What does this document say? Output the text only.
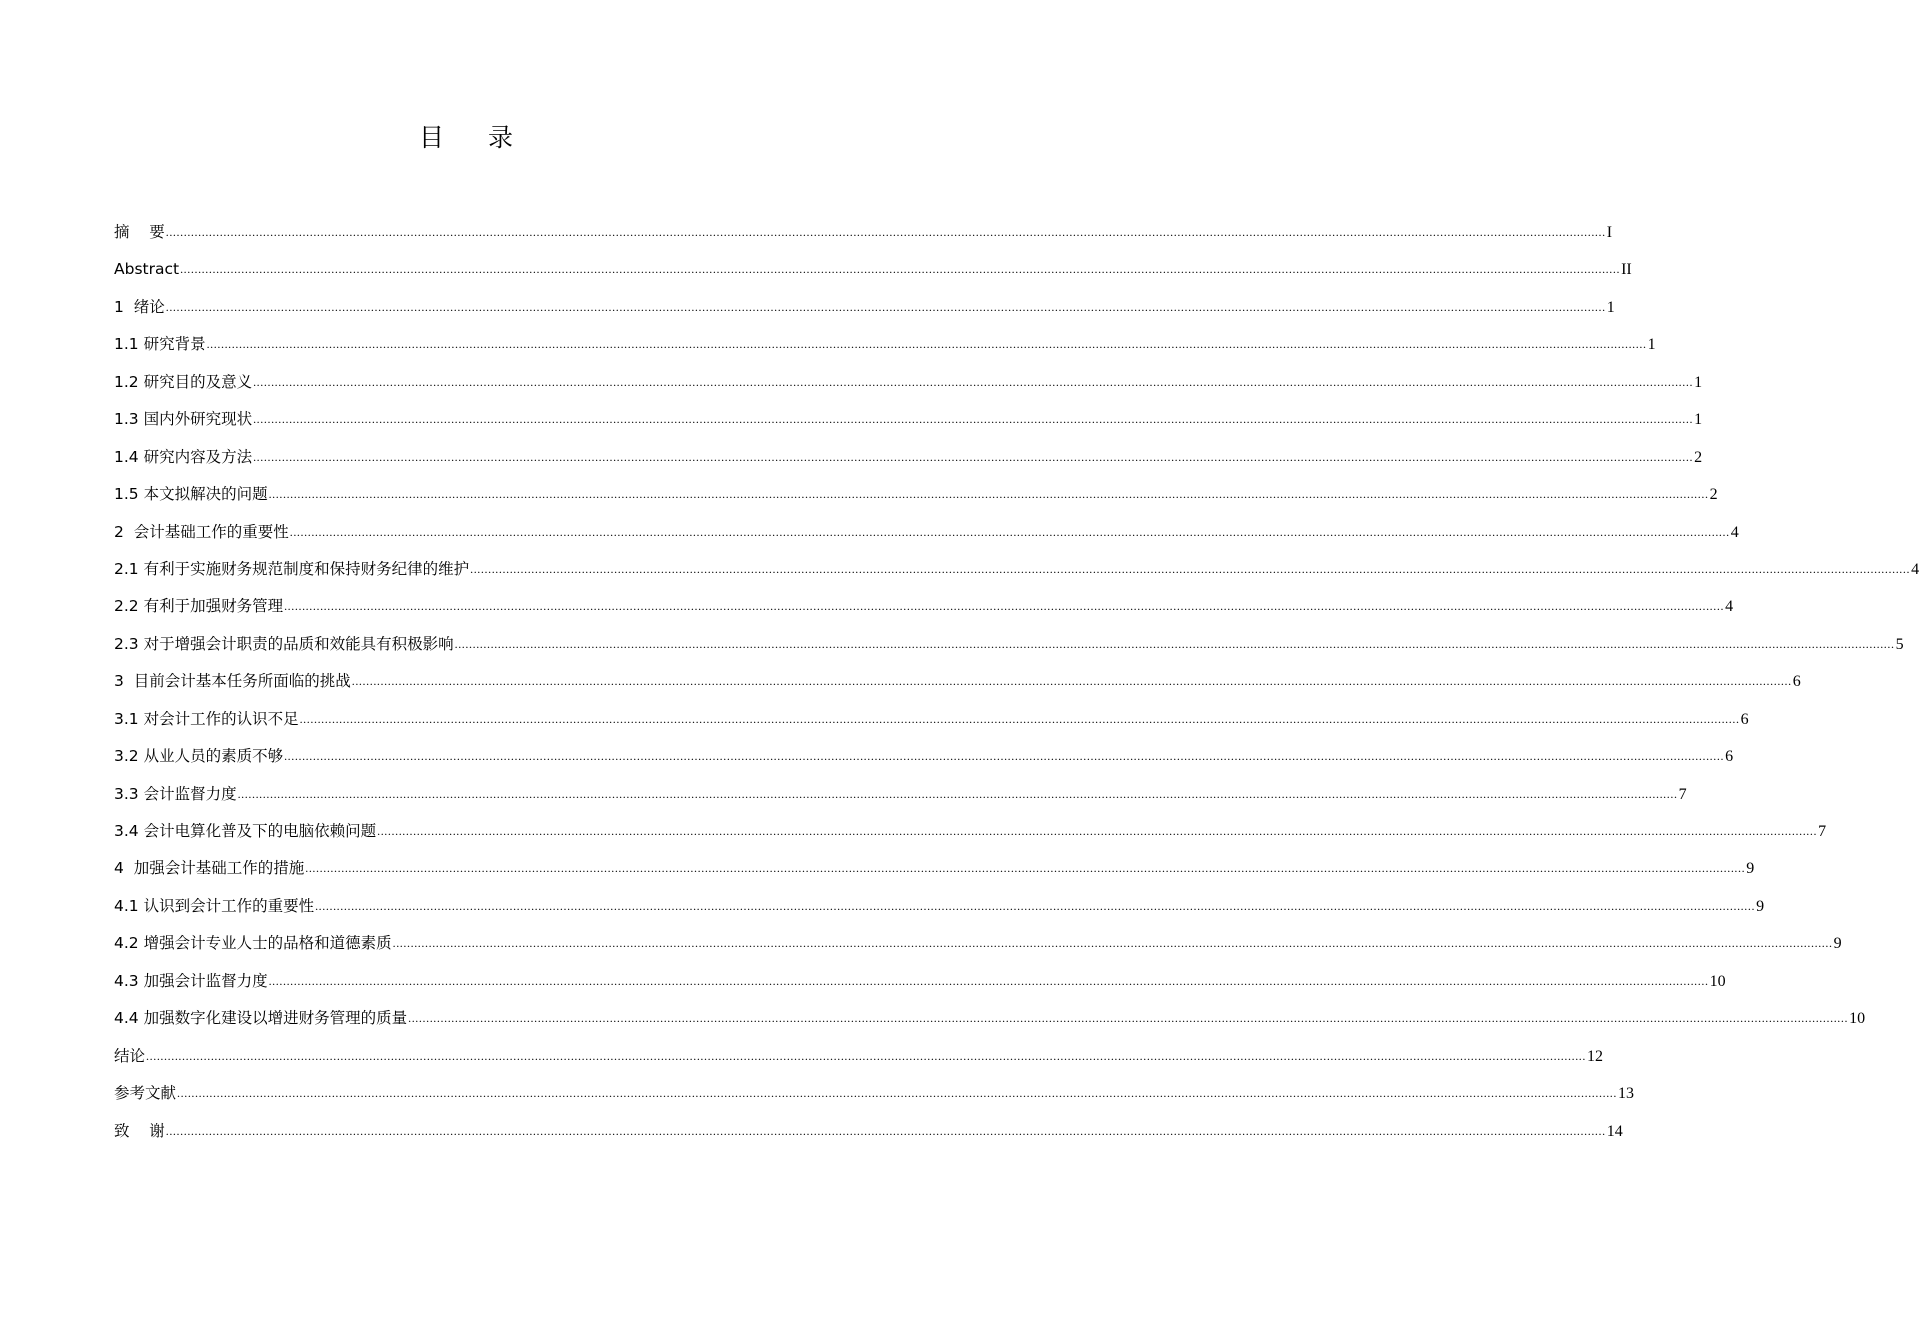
目 录
摘    要 ................................................................................................................................................................................................................................................................................................................................................................................................................ I
Abstract ................................................................................................................................................................................................................................................................................................................................................................................................................ II
1  绪论 ................................................................................................................................................................................................................................................................................................................................................................................................................ 1
1.1 研究背景 ................................................................................................................................................................................................................................................................................................................................................................................................................ 1
1.2 研究目的及意义 ................................................................................................................................................................................................................................................................................................................................................................................................................ 1
1.3 国内外研究现状 ................................................................................................................................................................................................................................................................................................................................................................................................................ 1
1.4 研究内容及方法 ................................................................................................................................................................................................................................................................................................................................................................................................................ 2
1.5 本文拟解决的问题 ................................................................................................................................................................................................................................................................................................................................................................................................................ 2
2  会计基础工作的重要性 ................................................................................................................................................................................................................................................................................................................................................................................................................ 4
2.1 有利于实施财务规范制度和保持财务纪律的维护 ................................................................................................................................................................................................................................................................................................................................................................................................................ 4
2.2 有利于加强财务管理 ................................................................................................................................................................................................................................................................................................................................................................................................................ 4
2.3 对于增强会计职责的品质和效能具有积极影响 ................................................................................................................................................................................................................................................................................................................................................................................................................ 5
3  目前会计基本任务所面临的挑战 ................................................................................................................................................................................................................................................................................................................................................................................................................ 6
3.1 对会计工作的认识不足 ................................................................................................................................................................................................................................................................................................................................................................................................................ 6
3.2 从业人员的素质不够 ................................................................................................................................................................................................................................................................................................................................................................................................................ 6
3.3 会计监督力度 ................................................................................................................................................................................................................................................................................................................................................................................................................ 7
3.4 会计电算化普及下的电脑依赖问题 ................................................................................................................................................................................................................................................................................................................................................................................................................ 7
4  加强会计基础工作的措施 ................................................................................................................................................................................................................................................................................................................................................................................................................ 9
4.1 认识到会计工作的重要性 ................................................................................................................................................................................................................................................................................................................................................................................................................ 9
4.2 增强会计专业人士的品格和道德素质 ................................................................................................................................................................................................................................................................................................................................................................................................................ 9
4.3 加强会计监督力度 ................................................................................................................................................................................................................................................................................................................................................................................................................ 10
4.4 加强数字化建设以增进财务管理的质量 ................................................................................................................................................................................................................................................................................................................................................................................................................ 10
结论 ................................................................................................................................................................................................................................................................................................................................................................................................................ 12
参考文献 ................................................................................................................................................................................................................................................................................................................................................................................................................ 13
致    谢 ................................................................................................................................................................................................................................................................................................................................................................................................................ 14
